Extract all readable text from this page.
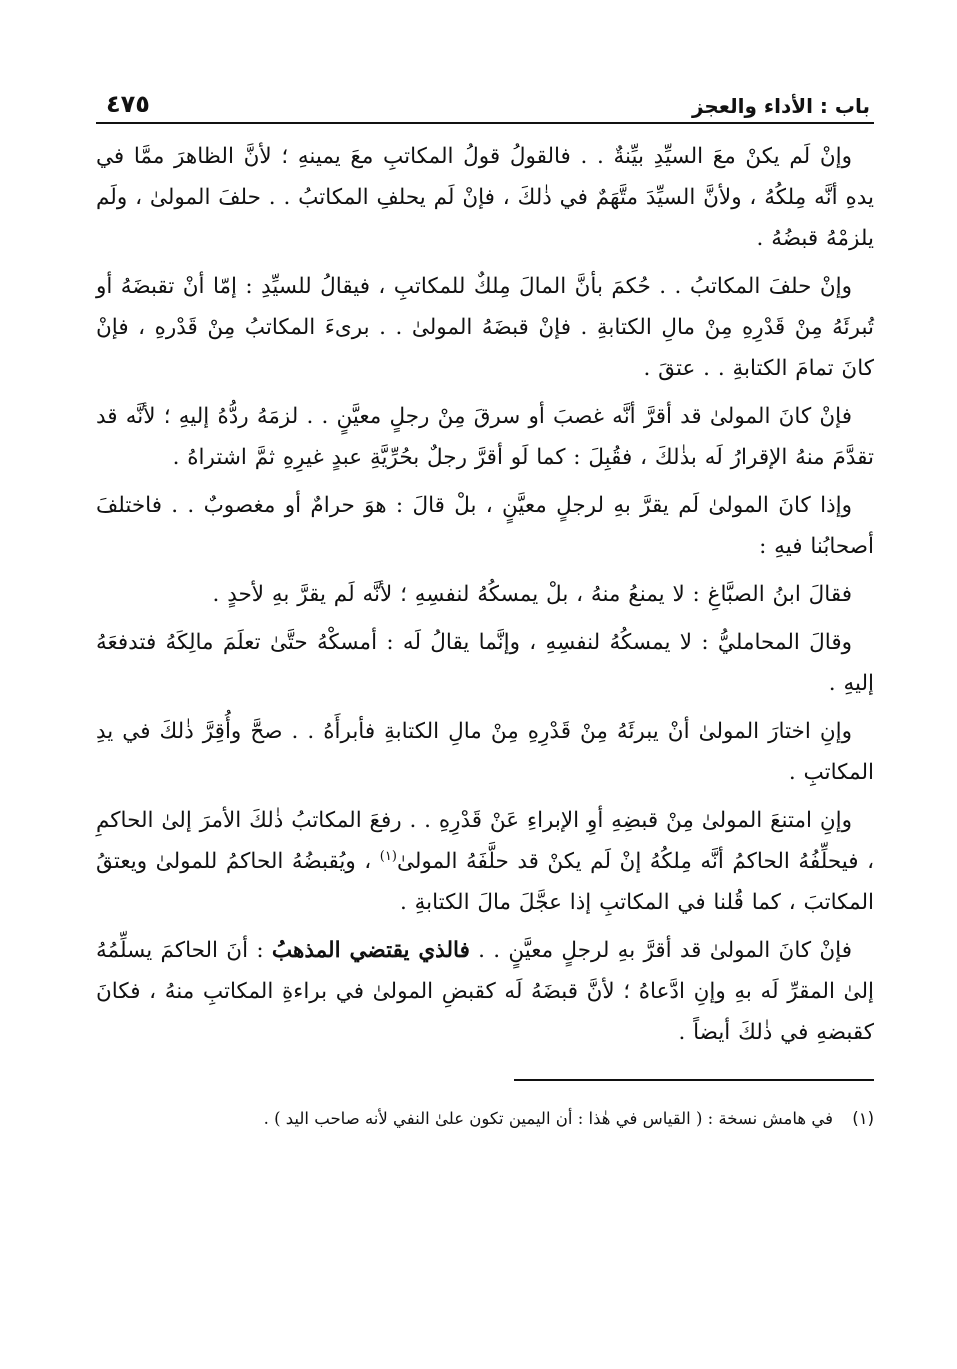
باب : الأداء والعجز
٤٧٥

وإنْ لَم يكنْ معَ السيِّدِ بيِّنةٌ . . فالقولُ قولُ المكاتبِ معَ يمينهِ ؛ لأنَّ الظاهرَ ممَّا في يدهِ أنَّه مِلكُهُ ، ولأنَّ السيِّدَ متَّهَمٌ في ذٰلكَ ، فإنْ لَم يحلفِ المكاتبُ . . حلفَ المولىٰ ، ولَم يلزمْهُ قبضُهُ .

وإنْ حلفَ المكاتبُ . . حُكمَ بأنَّ المالَ مِلكٌ للمكاتبِ ، فيقالُ للسيِّدِ : إمّا أنْ تقبضَهُ أو تُبرئَهُ مِنْ قَدْرِهِ مِنْ مالِ الكتابةِ . فإنْ قبضَهُ المولىٰ . . برىءَ المكاتبُ مِنْ قَدْرهِ ، فإنْ كانَ تمامَ الكتابةِ . . عتقَ .

فإنْ كانَ المولىٰ قد أقرَّ أنَّه غصبَ أو سرقَ مِنْ رجلٍ معيَّنٍ . . لزمَهُ ردُّهُ إليهِ ؛ لأنَّه قد تقدَّمَ منهُ الإقرارُ لَه بذٰلكَ ، فقُبِلَ : كما لَو أقرَّ رجلٌ بحُرِّيَّةِ عبدٍ غيرِهِ ثمَّ اشتراهُ .

وإذا كانَ المولىٰ لَم يقرَّ بهِ لرجلٍ معيَّنٍ ، بلْ قالَ : هوَ حرامٌ أو مغصوبٌ . . فاختلفَ أصحابُنا فيهِ :

فقالَ ابنُ الصبَّاغِ : لا يمنعُ منهُ ، بلْ يمسكُهُ لنفسِهِ ؛ لأنَّه لَم يقرَّ بهِ لأحدٍ .

وقالَ المحامليُّ : لا يمسكُهُ لنفسِهِ ، وإنَّما يقالُ لَه : أمسكْهُ حتَّىٰ تعلَمَ مالِكَهُ فتدفعَهُ إليهِ .

وإنِ اختارَ المولىٰ أنْ يبرئَهُ مِنْ قَدْرِهِ مِنْ مالِ الكتابةِ فأبرأَهُ . . صحَّ وأُقِرَّ ذٰلكَ في يدِ المكاتبِ .

وإنِ امتنعَ المولىٰ مِنْ قبضِهِ أوِ الإبراءِ عَنْ قَدْرِهِ . . رفعَ المكاتبُ ذٰلكَ الأمرَ إلىٰ الحاكمِ ، فيحلِّفُهُ الحاكمُ أنَّه مِلكُهُ إنْ لَم يكنْ قد حلَّفَهُ المولىٰ$^{(١)}$ ، ويُقبضُهُ الحاكمُ للمولىٰ ويعتقُ المكاتبَ ، كما قُلنا في المكاتبِ إذا عجَّلَ مالَ الكتابةِ .

فإنْ كانَ المولىٰ قد أقرَّ بهِ لرجلٍ معيَّنٍ . . فالذي يقتضي المذهبُ : أنَ الحاكمَ يسلِّمُهُ إلىٰ المقرِّ لَه بهِ وإنِ ادَّعاهُ ؛ لأنَّ قبضَهُ لَه كقبضِ المولىٰ في براءةِ المكاتبِ منهُ ، فكانَ كقبضهِ في ذٰلكَ أيضاً .

(١) في هامش نسخة : ( القياس في هٰذا : أن اليمين تكون علىٰ النفي لأنه صاحب اليد ) .
